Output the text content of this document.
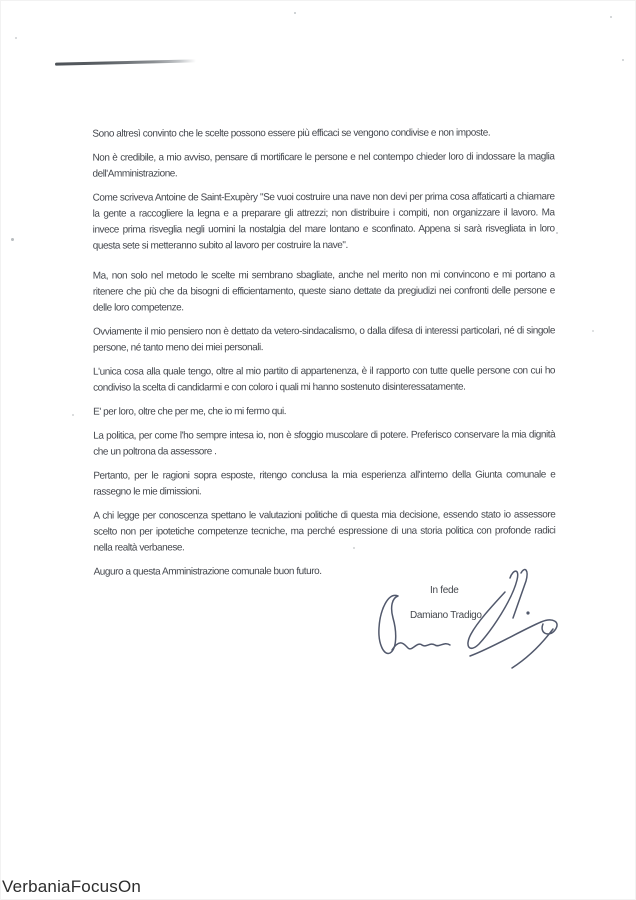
Sono altresì convinto che le scelte possono essere più efficaci se vengono condivise e non imposte.

Non è credibile, a mio avviso, pensare di mortificare le persone e nel contempo chieder loro di indossare la maglia dell'Amministrazione.

Come scriveva Antoine de Saint-Exupèry "Se vuoi costruire una nave non devi per prima cosa affaticarti a chiamare la gente a raccogliere la legna e a preparare gli attrezzi; non distribuire i compiti, non organizzare il lavoro. Ma invece prima risveglia negli uomini la nostalgia del mare lontano e sconfinato. Appena si sarà risvegliata in loro questa sete si metteranno subito al lavoro per costruire la nave".

Ma, non solo nel metodo le scelte mi sembrano sbagliate, anche nel merito non mi convincono e mi portano a ritenere che più che da bisogni di efficientamento, queste siano dettate da pregiudizi nei confronti delle persone e delle loro competenze.

Ovviamente il mio pensiero non è dettato da vetero-sindacalismo, o dalla difesa di interessi particolari, né di singole persone, né tanto meno dei miei personali.

L'unica cosa alla quale tengo, oltre al mio partito di appartenenza, è il rapporto con tutte quelle persone con cui ho condiviso la scelta di candidarmi e con coloro i quali mi hanno sostenuto disinteressatamente.

E' per loro, oltre che per me, che io mi fermo qui.

La politica, per come l'ho sempre intesa io, non è sfoggio muscolare di potere. Preferisco conservare la mia dignità che un poltrona da assessore .

Pertanto, per le ragioni sopra esposte, ritengo conclusa la mia esperienza all'interno della Giunta comunale e rassegno le mie dimissioni.

A chi legge per conoscenza spettano le valutazioni politiche di questa mia decisione, essendo stato io assessore scelto non per ipotetiche competenze tecniche, ma perché espressione di una storia politica con profonde radici nella realtà verbanese.

Auguro a questa Amministrazione comunale buon futuro.

In fede
Damiano Tradigo
VerbaniaFocusOn
